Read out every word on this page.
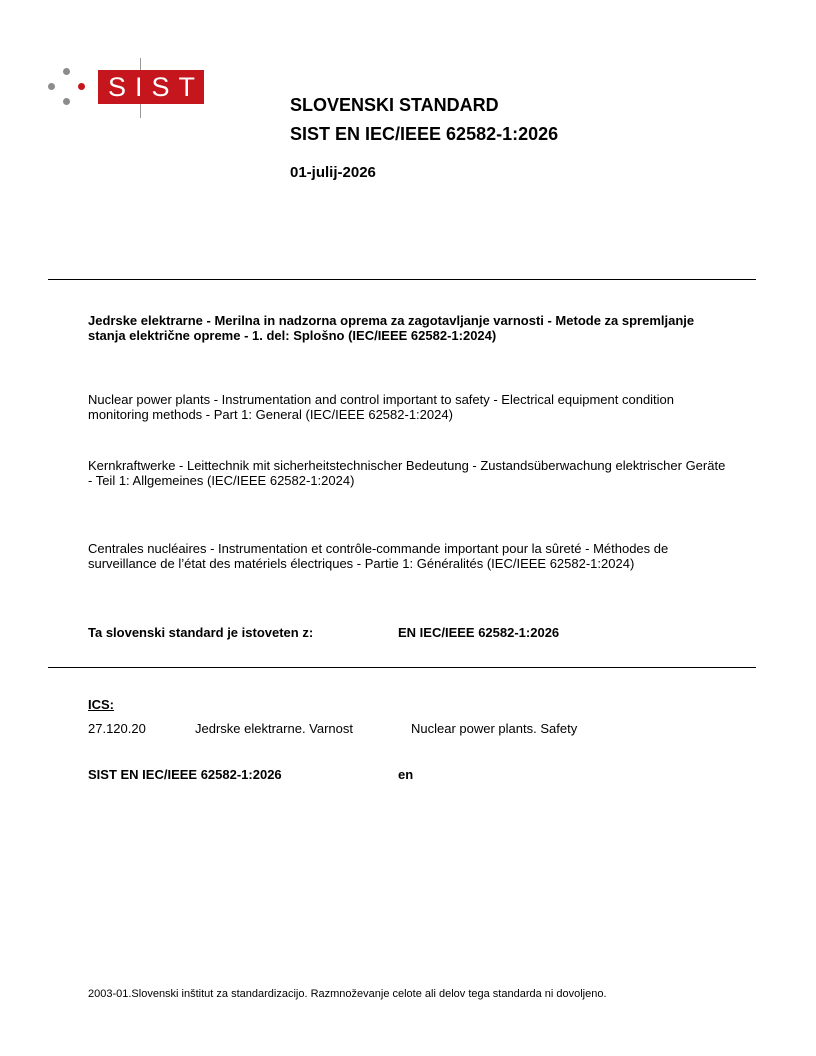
SIST
SLOVENSKI STANDARD
SIST EN IEC/IEEE 62582-1:2026
01-julij-2026
Jedrske elektrarne - Merilna in nadzorna oprema za zagotavljanje varnosti - Metode za spremljanje stanja električne opreme - 1. del: Splošno (IEC/IEEE 62582-1:2024)
Nuclear power plants - Instrumentation and control important to safety - Electrical equipment condition monitoring methods - Part 1: General (IEC/IEEE 62582-1:2024)
Kernkraftwerke - Leittechnik mit sicherheitstechnischer Bedeutung - Zustandsüberwachung elektrischer Geräte - Teil 1: Allgemeines (IEC/IEEE 62582-1:2024)
Centrales nucléaires - Instrumentation et contrôle-commande important pour la sûreté - Méthodes de surveillance de l’état des matériels électriques - Partie 1: Généralités (IEC/IEEE 62582-1:2024)
Ta slovenski standard je istoveten z:	EN IEC/IEEE 62582-1:2026
ICS:
27.120.20	Jedrske elektrarne. Varnost	Nuclear power plants. Safety
SIST EN IEC/IEEE 62582-1:2026	en
2003-01.Slovenski inštitut za standardizacijo. Razmnoževanje celote ali delov tega standarda ni dovoljeno.
